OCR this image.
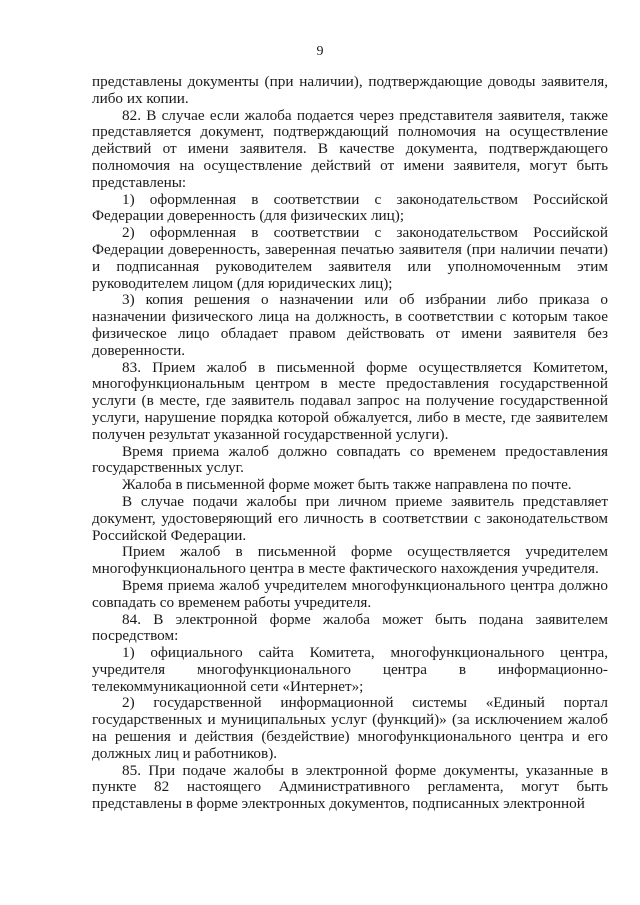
9

представлены документы (при наличии), подтверждающие доводы заявителя, либо их копии.

82. В случае если жалоба подается через представителя заявителя, также представляется документ, подтверждающий полномочия на осуществление действий от имени заявителя. В качестве документа, подтверждающего полномочия на осуществление действий от имени заявителя, могут быть представлены:

1) оформленная в соответствии с законодательством Российской Федерации доверенность (для физических лиц);

2) оформленная в соответствии с законодательством Российской Федерации доверенность, заверенная печатью заявителя (при наличии печати) и подписанная руководителем заявителя или уполномоченным этим руководителем лицом (для юридических лиц);

3) копия решения о назначении или об избрании либо приказа о назначении физического лица на должность, в соответствии с которым такое физическое лицо обладает правом действовать от имени заявителя без доверенности.

83. Прием жалоб в письменной форме осуществляется Комитетом, многофункциональным центром в месте предоставления государственной услуги (в месте, где заявитель подавал запрос на получение государственной услуги, нарушение порядка которой обжалуется, либо в месте, где заявителем получен результат указанной государственной услуги).

Время приема жалоб должно совпадать со временем предоставления государственных услуг.

Жалоба в письменной форме может быть также направлена по почте.

В случае подачи жалобы при личном приеме заявитель представляет документ, удостоверяющий его личность в соответствии с законодательством Российской Федерации.

Прием жалоб в письменной форме осуществляется учредителем многофункционального центра в месте фактического нахождения учредителя.

Время приема жалоб учредителем многофункционального центра должно совпадать со временем работы учредителя.

84. В электронной форме жалоба может быть подана заявителем посредством:

1) официального сайта Комитета, многофункционального центра, учредителя многофункционального центра в информационно-телекоммуникационной сети «Интернет»;

2) государственной информационной системы «Единый портал государственных и муниципальных услуг (функций)» (за исключением жалоб на решения и действия (бездействие) многофункционального центра и его должных лиц и работников).

85. При подаче жалобы в электронной форме документы, указанные в пункте 82 настоящего Административного регламента, могут быть представлены в форме электронных документов, подписанных электронной
